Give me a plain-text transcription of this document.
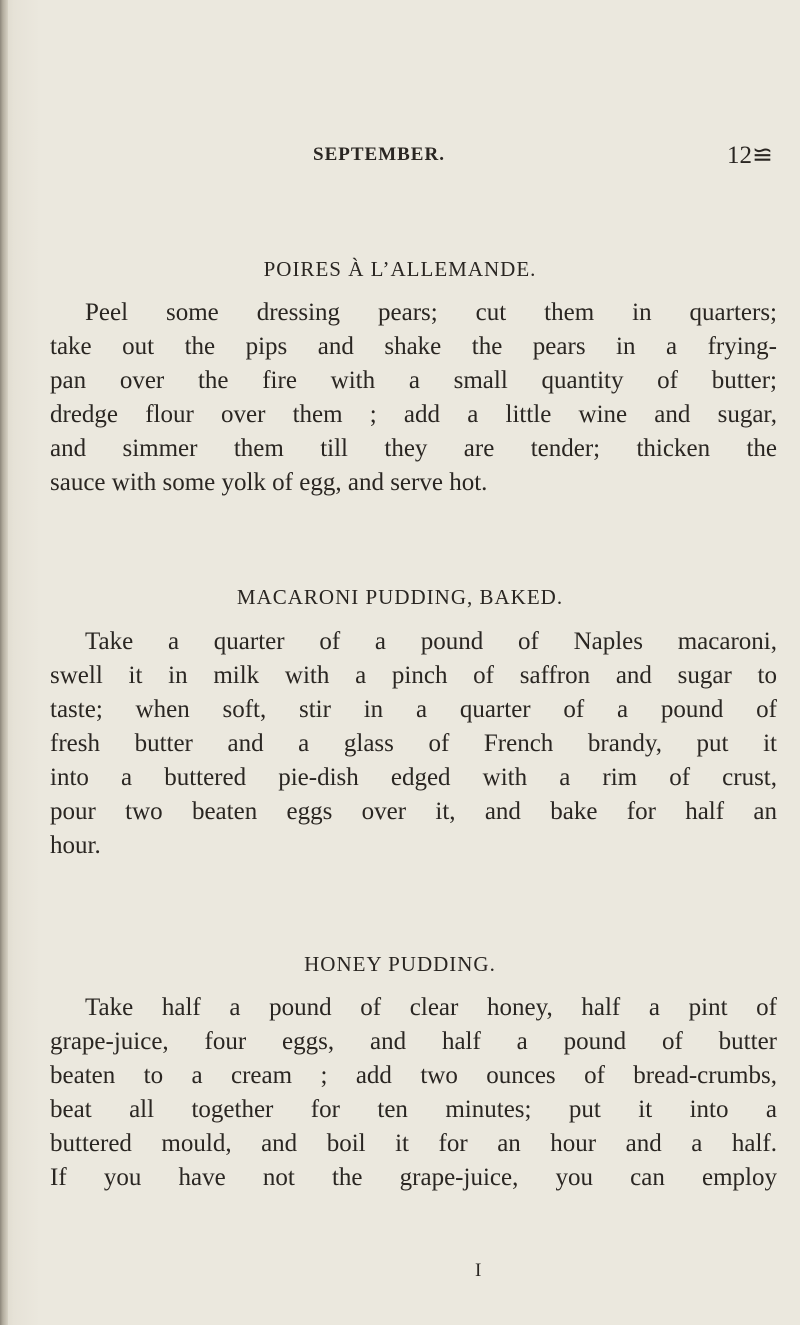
SEPTEMBER.	12≌
POIRES À L’ALLEMANDE.
Peel some dressing pears; cut them in quarters;
take out the pips and shake the pears in a frying-
pan over the fire with a small quantity of butter;
dredge flour over them ; add a little wine and sugar,
and simmer them till they are tender; thicken the
sauce with some yolk of egg, and serve hot.
MACARONI PUDDING, BAKED.
Take a quarter of a pound of Naples macaroni,
swell it in milk with a pinch of saffron and sugar to
taste; when soft, stir in a quarter of a pound of
fresh butter and a glass of French brandy, put it
into a buttered pie-dish edged with a rim of crust,
pour two beaten eggs over it, and bake for half an
hour.
HONEY PUDDING.
Take half a pound of clear honey, half a pint of
grape-juice, four eggs, and half a pound of butter
beaten to a cream ; add two ounces of bread-crumbs,
beat all together for ten minutes; put it into a
buttered mould, and boil it for an hour and a half.
If you have not the grape-juice, you can employ
I
